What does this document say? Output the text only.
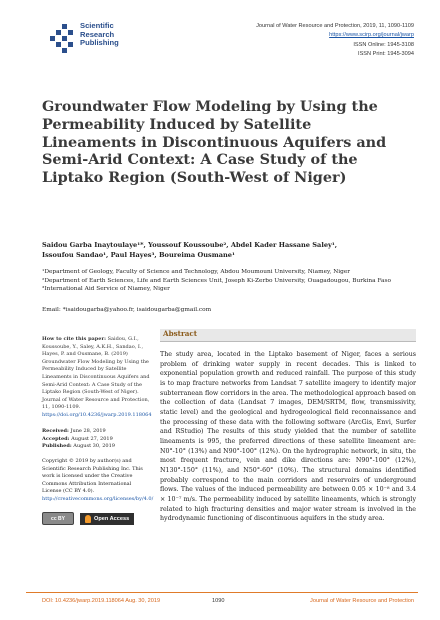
Scientific
Research
Publishing
Journal of Water Resource and Protection, 2019, 11, 1090-1109
https://www.scirp.org/journal/jwarp
ISSN Online: 1945-3108
ISSN Print: 1945-3094
Groundwater Flow Modeling by Using the Permeability Induced by Satellite Lineaments in Discontinuous Aquifers and Semi-Arid Context: A Case Study of the Liptako Region (South-West of Niger)
Saidou Garba Inaytoulaye¹*, Youssouf Koussoube², Abdel Kader Hassane Saley¹,
Issoufou Sandao¹, Paul Hayes³, Boureima Ousmane¹
¹Department of Geology, Faculty of Science and Technology, Abdou Moumouni University, Niamey, Niger
²Department of Earth Sciences, Life and Earth Sciences Unit, Joseph Ki-Zerbo University, Ouagadougou, Burkina Faso
³International Aid Service of Niamey, Niger
Email: *isaidougarba@yahoo.fr, isaidougarba@gmail.com
How to cite this paper: Saidou, G.I., Koussoube, Y., Saley, A.K.H., Sandao, I., Hayes, P. and Ousmane, B. (2019) Groundwater Flow Modeling by Using the Permeability Induced by Satellite Lineaments in Discontinuous Aquifers and Semi-Arid Context: A Case Study of the Liptako Region (South-West of Niger). Journal of Water Resource and Protection, 11, 1090-1109. https://doi.org/10.4236/jwarp.2019.118064
Received: June 28, 2019
Accepted: August 27, 2019
Published: August 30, 2019
Copyright © 2019 by author(s) and Scientific Research Publishing Inc. This work is licensed under the Creative Commons Attribution International License (CC BY 4.0). http://creativecommons.org/licenses/by/4.0/
cc BY	Open Access
Abstract
The study area, located in the Liptako basement of Niger, faces a serious problem of drinking water supply in recent decades. This is linked to exponential population growth and reduced rainfall. The purpose of this study is to map fracture networks from Landsat 7 satellite imagery to identify major subterranean flow corridors in the area. The methodological approach based on the collection of data (Landsat 7 images, DEM/SRTM, flow, transmissivity, static level) and the geological and hydrogeological field reconnaissance and the processing of these data with the following software (ArcGis, Envi, Surfer and RStudio) The results of this study yielded that the number of satellite lineaments is 995, the preferred directions of these satellite lineament are: N0°-10° (13%) and N90°-100° (12%). On the hydrographic network, in situ, the most frequent fracture, vein and dike directions are: N90°-100° (12%), N130°-150° (11%), and N50°-60° (10%). The structural domains identified probably correspond to the main corridors and reservoirs of underground flows. The values of the induced permeability are between 0.05 × 10⁻⁸ and 3.4 × 10⁻⁷ m/s. The permeability induced by satellite lineaments, which is strongly related to high fracturing densities and major water stream is involved in the hydrodynamic functioning of discontinuous aquifers in the study area.
DOI: 10.4236/jwarp.2019.118064 Aug. 30, 2019	1090	Journal of Water Resource and Protection
